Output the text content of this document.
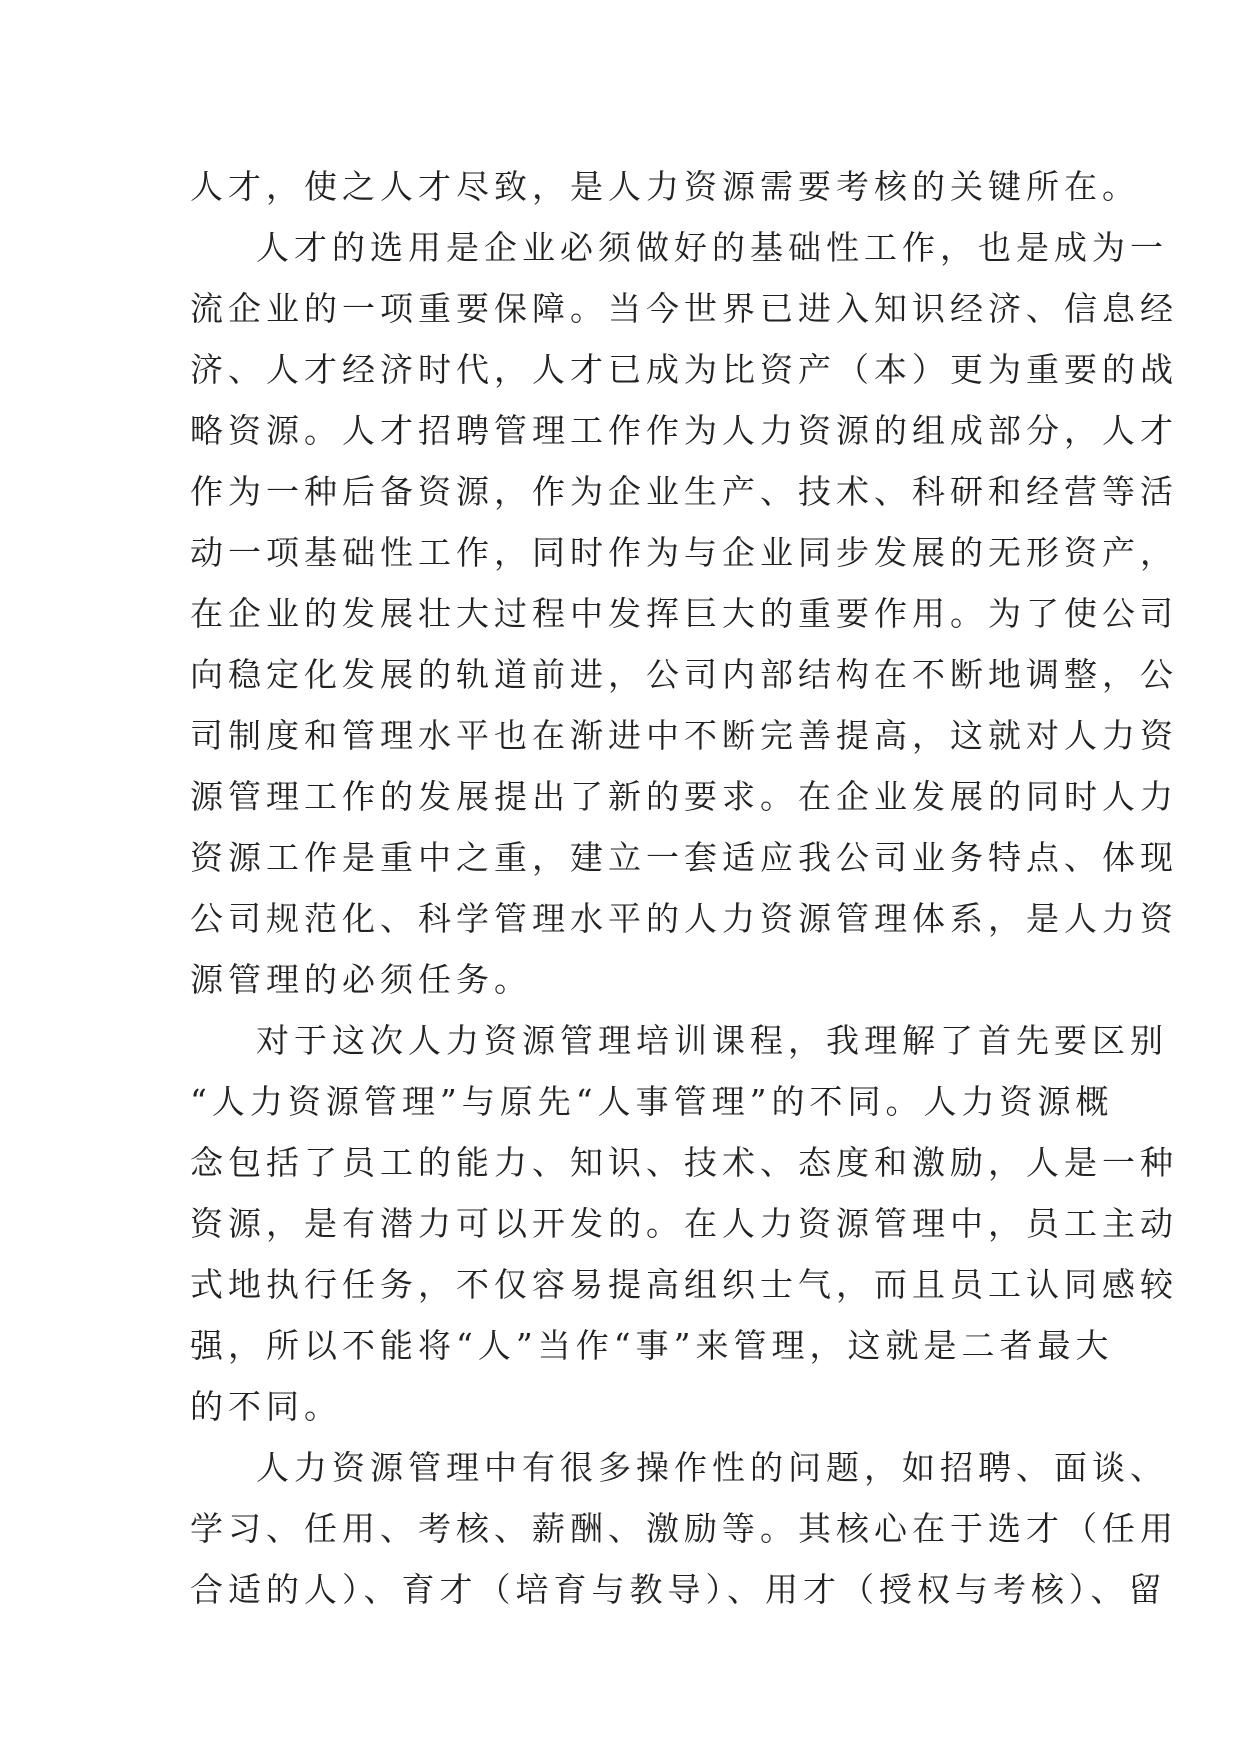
人才，使之人才尽致，是人力资源需要考核的关键所在。
人才的选用是企业必须做好的基础性工作，也是成为一
流企业的一项重要保障。当今世界已进入知识经济、信息经
济、人才经济时代，人才已成为比资产（本）更为重要的战
略资源。人才招聘管理工作作为人力资源的组成部分，人才
作为一种后备资源，作为企业生产、技术、科研和经营等活
动一项基础性工作，同时作为与企业同步发展的无形资产，
在企业的发展壮大过程中发挥巨大的重要作用。为了使公司
向稳定化发展的轨道前进，公司内部结构在不断地调整，公
司制度和管理水平也在渐进中不断完善提高，这就对人力资
源管理工作的发展提出了新的要求。在企业发展的同时人力
资源工作是重中之重，建立一套适应我公司业务特点、体现
公司规范化、科学管理水平的人力资源管理体系，是人力资
源管理的必须任务。
对于这次人力资源管理培训课程，我理解了首先要区别
“人力资源管理”与原先“人事管理”的不同。人力资源概
念包括了员工的能力、知识、技术、态度和激励，人是一种
资源，是有潜力可以开发的。在人力资源管理中，员工主动
式地执行任务，不仅容易提高组织士气，而且员工认同感较
强，所以不能将“人”当作“事”来管理，这就是二者最大
的不同。
人力资源管理中有很多操作性的问题，如招聘、面谈、
学习、任用、考核、薪酬、激励等。其核心在于选才（任用
合适的人）、育才（培育与教导）、用才（授权与考核）、留
